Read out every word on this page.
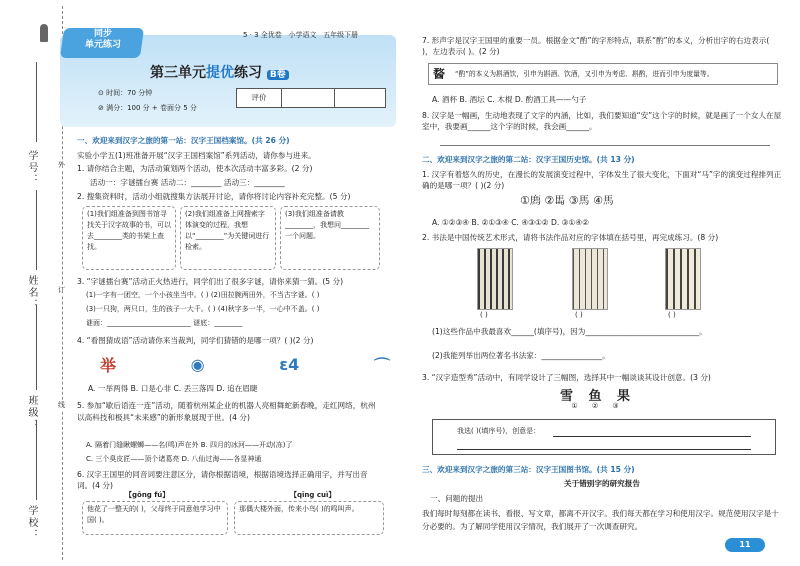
学号：
姓名：
班级：
学校：
外
订
线
同步
单元练习
5 · 3 全优卷 小学语文 五年级下册
第三单元提优练习 B卷
⊙ 时间：70 分钟
⊘ 满分：100 分 + 卷面分 5 分
评价
一、欢迎来到汉字之旅的第一站：汉字王国档案馆。(共 26 分)
实验小学五(1)班准备开展“汉字王国档案馆”系列活动，请你参与进来。
1. 请你结合主题，为活动策划两个活动，使本次活动丰富多彩。(2 分)
活动一：字谜擂台赛 活动二：________ 活动三：________
2. 搜集资料时，活动小组就搜集方法展开讨论，请你将讨论内容补充完整。(5 分)
(1)我们组准备到图书馆寻找关于汉字故事的书，可以去________类的书架上查找。
(2)我们组准备上网搜索字体演变的过程，我想以“________”为关键词进行检索。
(3)我们组准备请教________，我想问________一个问题。
3. “字谜擂台赛”活动正火热进行，同学们出了很多字谜，请你来猜一猜。(5 分)
(1)一字有一团空，一个小孩坐当中。( ) (2)田拉腕两田外，不当古字谜。( )
(3)一只狗，两只口，生的孩子一大千。( ) (4)秋字多一半，一心中不盖。( )
谜面：________________________ 谜底：________
4. “看图猜成语”活动请你来当裁判，同学们猜错的是哪一项？( )(2 分)
举	◉	ε4	⌒
A. 一举两得 B. 口是心非 C. 丢三落四 D. 追在眉睫
5. 参加“歇后语连一连”活动，随着杭州某企业的机器人亮相舞蛇新春晚，走红网络，杭州以高科技和极具“未来感”的新形象展现于世。(4 分)
A. 隔着门缝瞅螺蛳——名(鸣)声在外 B. 四月的冰河——开动(冻)了
C. 三个臭皮匠——顶个诸葛亮 D. 八仙过海——各显神通
6. 汉字王国里的同音词要注意区分，请你根据语境，根据语境选择正确用字，并写出音词。(4 分)
【gōng fú】	【qīng cuì】
他花了一整天的( )，父母终于同意他学习中国( )。
那偶大楼外面，传来小鸟( )的鸣叫声。
7. 形声字是汉字王国里的重要一员。根据金文“酌”的字形特点，联系“酌”的本义，分析出字的右边表示( )，左边表示( )。(2 分)
𨡭 “酌”的本义为斟酒饮，引申为斟酒、饮酒，又引申为考虑、斟酌，进而引申为度量等。
A. 酒杯 B. 酒坛 C. 木棍 D. 酌酒工具——勺子
8. 汉字是一幅画，生动地表现了文字的内涵，比如，我们要知道“安”这个字的时候，就是画了一个女人在屋室中，我要画______这个字的时候，我会画______。
二、欢迎来到汉字之旅的第二站：汉字王国历史馆。(共 13 分)
1. 汉字有着悠久的历史，在漫长的发展演变过程中，字体发生了很大变化，下面对“马”字的演变过程排列正确的是哪一项？( )(2 分)
①𢊁 ②𩡧 ③馬 ④馬
A. ①②③④ B. ②①③④ C. ④③①② D. ③①④②
2. 书法是中国传统艺术形式，请将书法作品对应的字体填在括号里，再完成练习。(8 分)
( )	( )	( )
(1)这些作品中我最喜欢______(填序号)，因为______________________________。
(2)我能列举出两位著名书法家：________________。
3. “汉字造型秀”活动中，有同学设计了三幅图，选择其中一幅谈谈其设计创意。(3 分)
雪 鱼 果
① ② ③
我选( )(填序号)，创意是：
三、欢迎来到汉字之旅的第三站：汉字王国图书馆。(共 15 分)
关于错别字的研究报告
一、问题的提出
我们每时每刻都在读书、看报、写文章，都离不开汉字。我们每天都在学习和使用汉字。规范使用汉字是十分必要的。为了解同学使用汉字情况，我们展开了一次调查研究。
11
